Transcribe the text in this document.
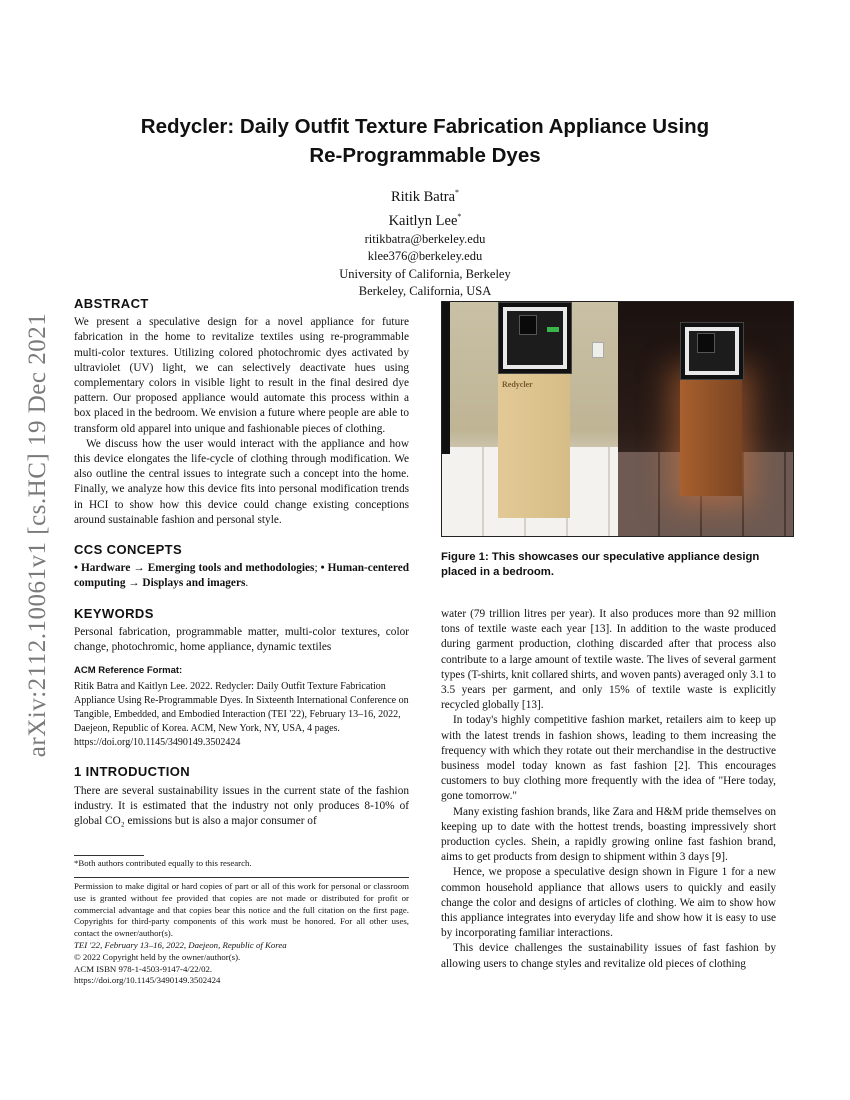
arXiv:2112.10061v1 [cs.HC] 19 Dec 2021
Redycler: Daily Outfit Texture Fabrication Appliance Using
Re-Programmable Dyes
Ritik Batra*
Kaitlyn Lee*
ritikbatra@berkeley.edu
klee376@berkeley.edu
University of California, Berkeley
Berkeley, California, USA
ABSTRACT

We present a speculative design for a novel appliance for future fabrication in the home to revitalize textiles using re-programmable multi-color textures. Utilizing colored photochromic dyes activated by ultraviolet (UV) light, we can selectively deactivate hues using complementary colors in visible light to result in the final desired dye pattern. Our proposed appliance would automate this process within a box placed in the bedroom. We envision a future where people are able to transform old apparel into unique and fashionable pieces of clothing.

We discuss how the user would interact with the appliance and how this device elongates the life-cycle of clothing through modification. We also outline the central issues to integrate such a concept into the home. Finally, we analyze how this device fits into personal modification trends in HCI to show how this device could change existing conceptions around sustainable fashion and personal style.

CCS CONCEPTS

• Hardware → Emerging tools and methodologies; • Human-centered computing → Displays and imagers.

KEYWORDS

Personal fabrication, programmable matter, multi-color textures, color change, photochromic, home appliance, dynamic textiles

ACM Reference Format:

Ritik Batra and Kaitlyn Lee. 2022. Redycler: Daily Outfit Texture Fabrication Appliance Using Re-Programmable Dyes. In Sixteenth International Conference on Tangible, Embedded, and Embodied Interaction (TEI '22), February 13–16, 2022, Daejeon, Republic of Korea. ACM, New York, NY, USA, 4 pages. https://doi.org/10.1145/3490149.3502424

1 INTRODUCTION

There are several sustainability issues in the current state of the fashion industry. It is estimated that the industry not only produces 8-10% of global CO₂ emissions but is also a major consumer of

*Both authors contributed equally to this research.
Permission to make digital or hard copies of part or all of this work for personal or classroom use is granted without fee provided that copies are not made or distributed for profit or commercial advantage and that copies bear this notice and the full citation on the first page. Copyrights for third-party components of this work must be honored. For all other uses, contact the owner/author(s).
TEI '22, February 13–16, 2022, Daejeon, Republic of Korea
© 2022 Copyright held by the owner/author(s).
ACM ISBN 978-1-4503-9147-4/22/02.
https://doi.org/10.1145/3490149.3502424
Redycler
Figure 1: This showcases our speculative appliance design placed in a bedroom.

water (79 trillion litres per year). It also produces more than 92 million tons of textile waste each year [13]. In addition to the waste produced during garment production, clothing discarded after that process also contribute to a large amount of textile waste. The lives of several garment types (T-shirts, knit collared shirts, and woven pants) averaged only 3.1 to 3.5 years per garment, and only 15% of textile waste is explicitly recycled globally [13].

In today's highly competitive fashion market, retailers aim to keep up with the latest trends in fashion shows, leading to them increasing the frequency with which they rotate out their merchandise in the destructive business model today known as fast fashion [2]. This encourages customers to buy clothing more frequently with the idea of "Here today, gone tomorrow."

Many existing fashion brands, like Zara and H&M pride themselves on keeping up to date with the hottest trends, boasting impressively short production cycles. Shein, a rapidly growing online fast fashion brand, aims to get products from design to shipment within 3 days [9].

Hence, we propose a speculative design shown in Figure 1 for a new common household appliance that allows users to quickly and easily change the color and designs of articles of clothing. We aim to show how this appliance integrates into everyday life and show how it is easy to use by incorporating familiar interactions.

This device challenges the sustainability issues of fast fashion by allowing users to change styles and revitalize old pieces of clothing
